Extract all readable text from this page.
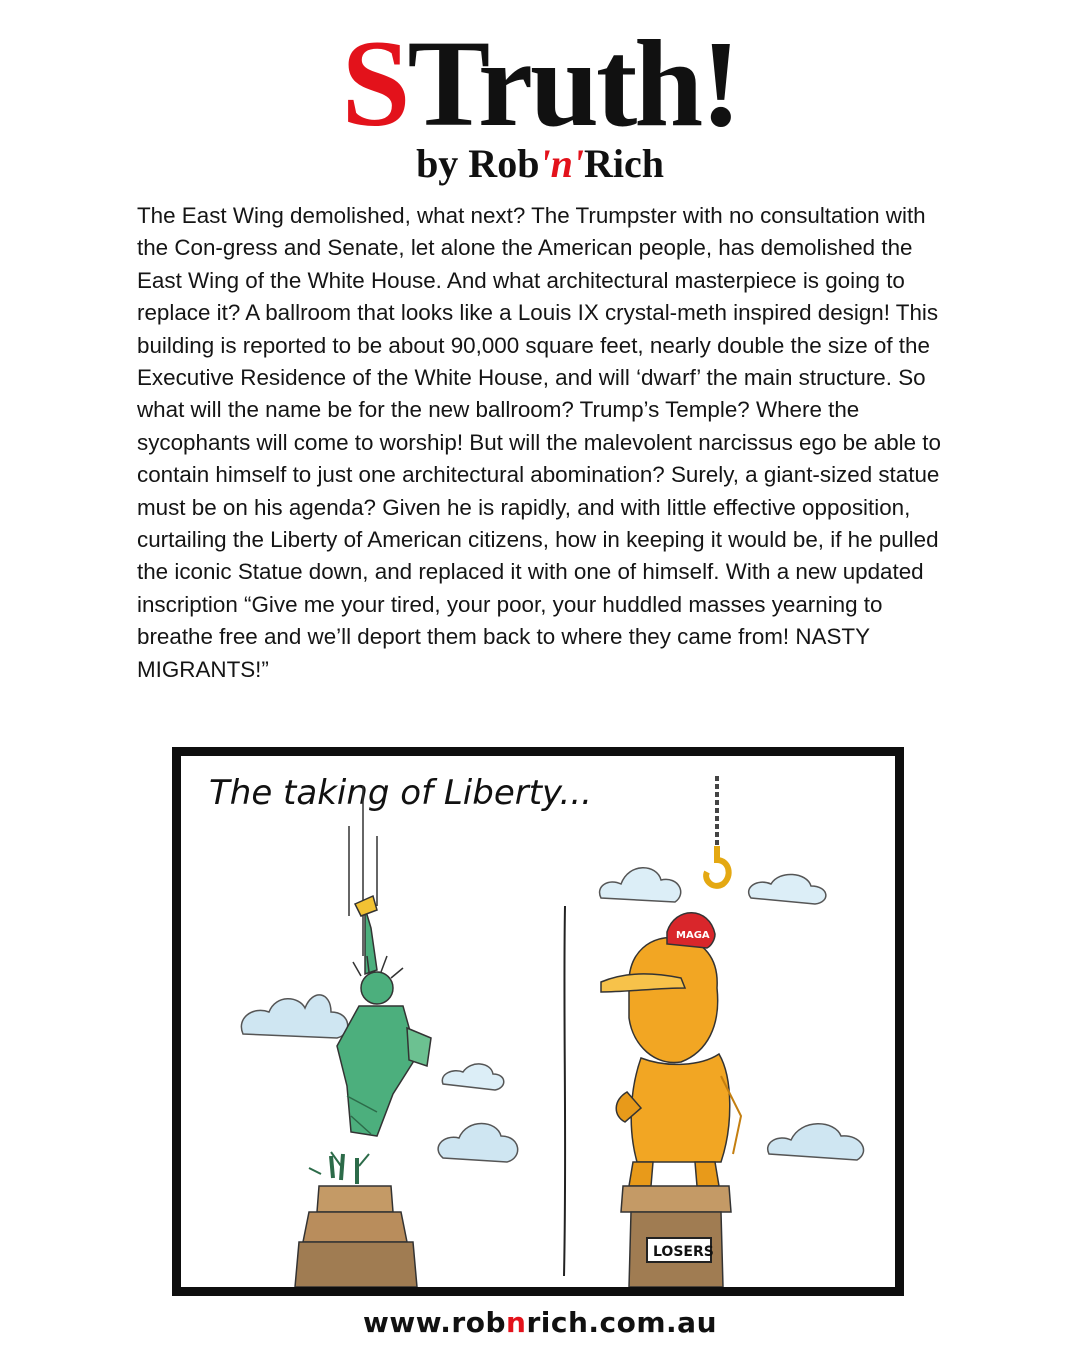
STruth!
by Rob'n'Rich

The East Wing demolished, what next? The Trumpster with no consultation with the Con-gress and Senate, let alone the American people, has demolished the East Wing of the White House. And what architectural masterpiece is going to replace it? A ballroom that looks like a Louis IX crystal-meth inspired design! This building is reported to be about 90,000 square feet, nearly double the size of the Executive Residence of the White House, and will ‘dwarf’ the main structure. So what will the name be for the new ballroom? Trump’s Temple? Where the sycophants will come to worship! But will the malevolent narcissus ego be able to contain himself to just one architectural abomination? Surely, a giant-sized statue must be on his agenda? Given he is rapidly, and with little effective opposition, curtailing the Liberty of American citizens, how in keeping it would be, if he pulled the iconic Statue down, and replaced it with one of himself. With a new updated inscription “Give me your tired, your poor, your huddled masses yearning to breathe free and we’ll deport them back to where they came from! NASTY MIGRANTS!”

The taking of Liberty...
MAGA
LOSERS
www.robnrich.com.au
